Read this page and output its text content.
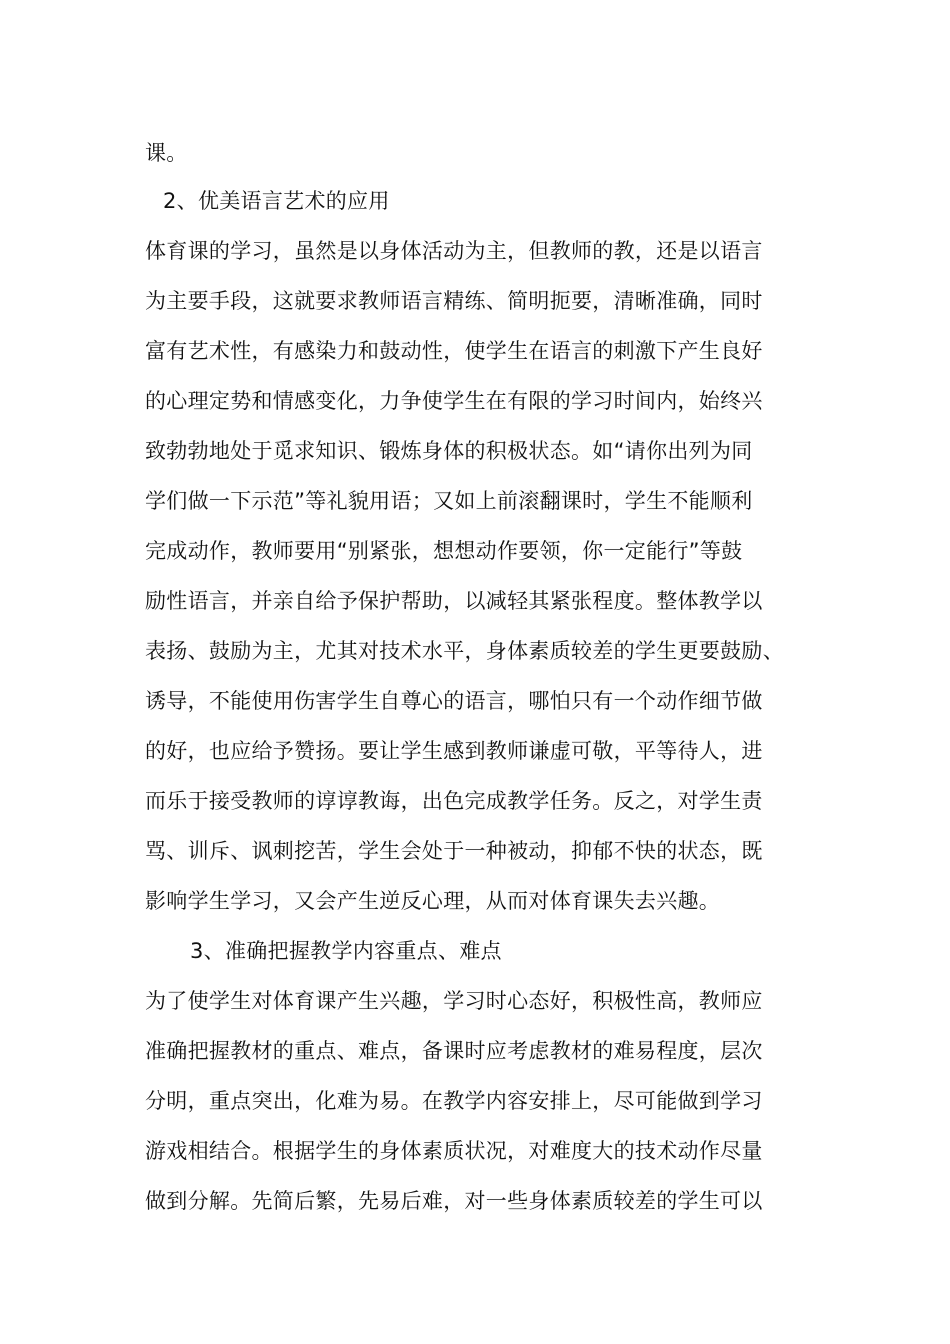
课。
2、优美语言艺术的应用
体育课的学习，虽然是以身体活动为主，但教师的教，还是以语言
为主要手段，这就要求教师语言精练、简明扼要，清晰准确，同时
富有艺术性，有感染力和鼓动性，使学生在语言的刺激下产生良好
的心理定势和情感变化，力争使学生在有限的学习时间内，始终兴
致勃勃地处于觅求知识、锻炼身体的积极状态。如“请你出列为同
学们做一下示范”等礼貌用语；又如上前滚翻课时，学生不能顺利
完成动作，教师要用“别紧张，想想动作要领，你一定能行”等鼓
励性语言，并亲自给予保护帮助，以减轻其紧张程度。整体教学以
表扬、鼓励为主，尤其对技术水平，身体素质较差的学生更要鼓励、
诱导，不能使用伤害学生自尊心的语言，哪怕只有一个动作细节做
的好，也应给予赞扬。要让学生感到教师谦虚可敬，平等待人，进
而乐于接受教师的谆谆教诲，出色完成教学任务。反之，对学生责
骂、训斥、讽刺挖苦，学生会处于一种被动，抑郁不快的状态，既
影响学生学习，又会产生逆反心理，从而对体育课失去兴趣。
3、准确把握教学内容重点、难点
为了使学生对体育课产生兴趣，学习时心态好，积极性高，教师应
准确把握教材的重点、难点，备课时应考虑教材的难易程度，层次
分明，重点突出，化难为易。在教学内容安排上，尽可能做到学习
游戏相结合。根据学生的身体素质状况，对难度大的技术动作尽量
做到分解。先简后繁，先易后难，对一些身体素质较差的学生可以
